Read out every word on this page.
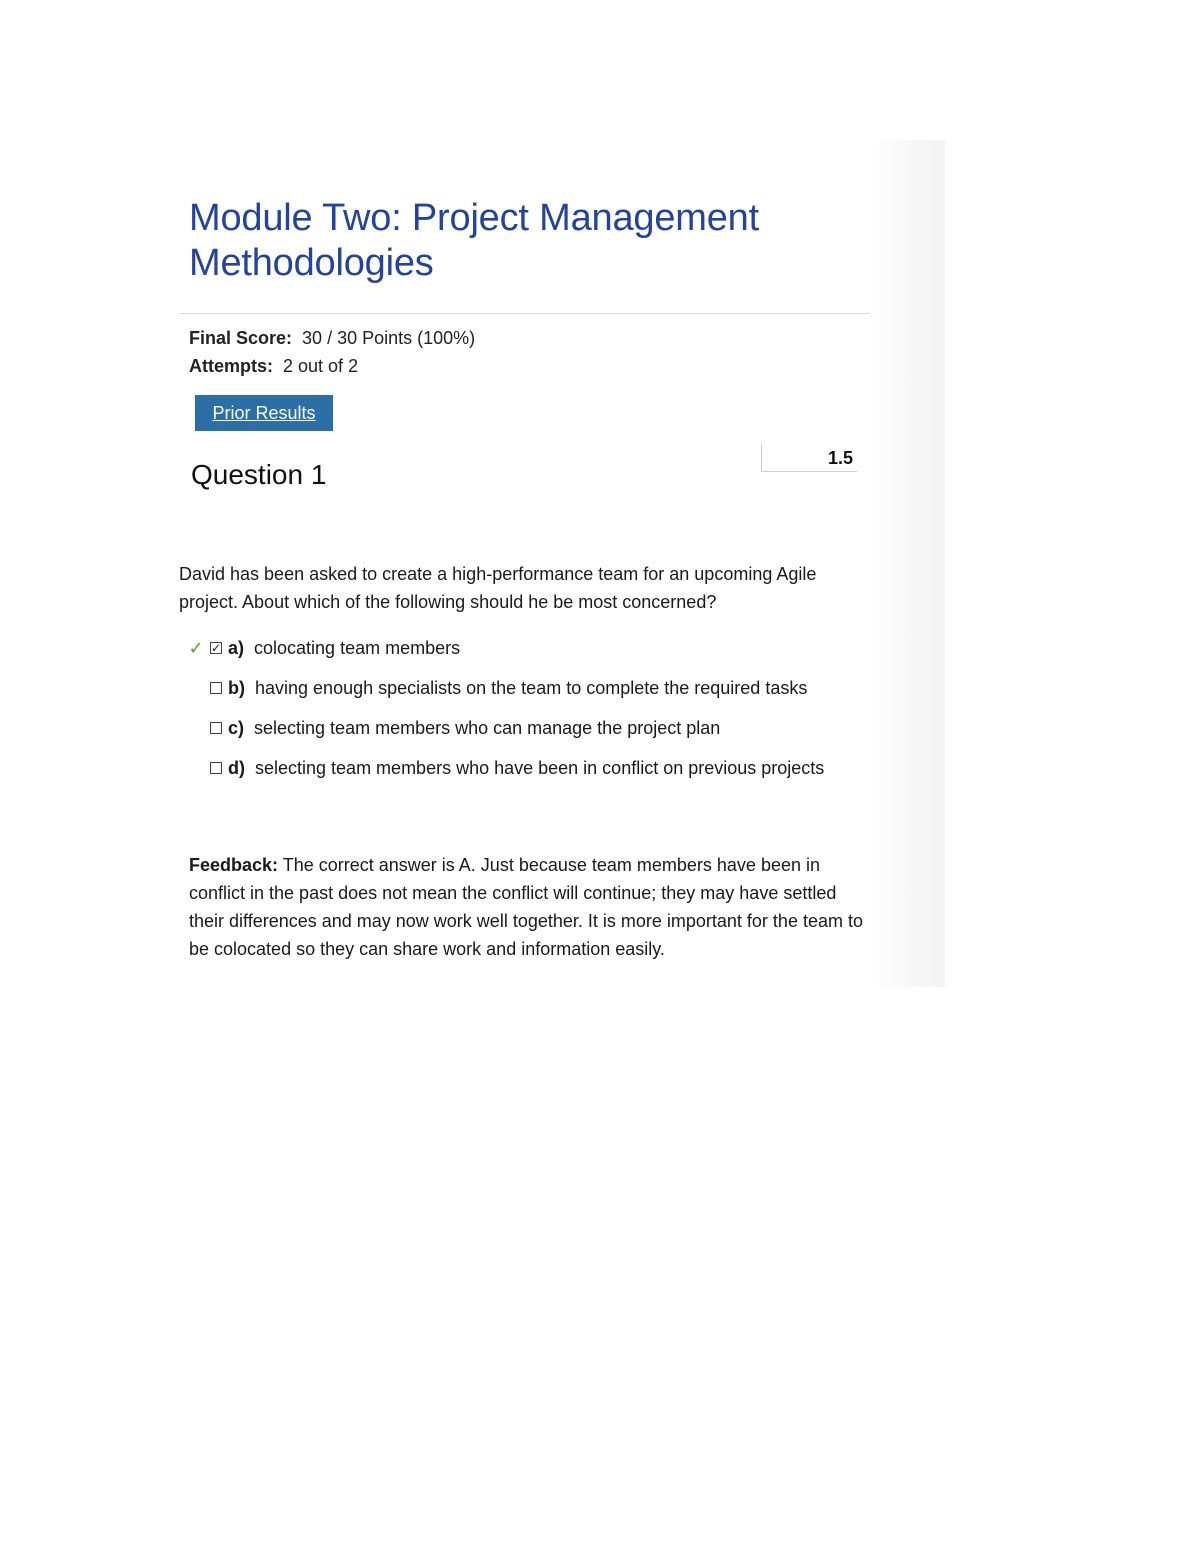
Module Two: Project Management Methodologies
Final Score: 30 / 30 Points (100%)
Attempts: 2 out of 2
Prior Results
1.5
Question 1

David has been asked to create a high-performance team for an upcoming Agile project. About which of the following should he be most concerned?

✓ ✓ a) colocating team members
b) having enough specialists on the team to complete the required tasks
c) selecting team members who can manage the project plan
d) selecting team members who have been in conflict on previous projects

Feedback: The correct answer is A. Just because team members have been in conflict in the past does not mean the conflict will continue; they may have settled their differences and may now work well together. It is more important for the team to be colocated so they can share work and information easily.
